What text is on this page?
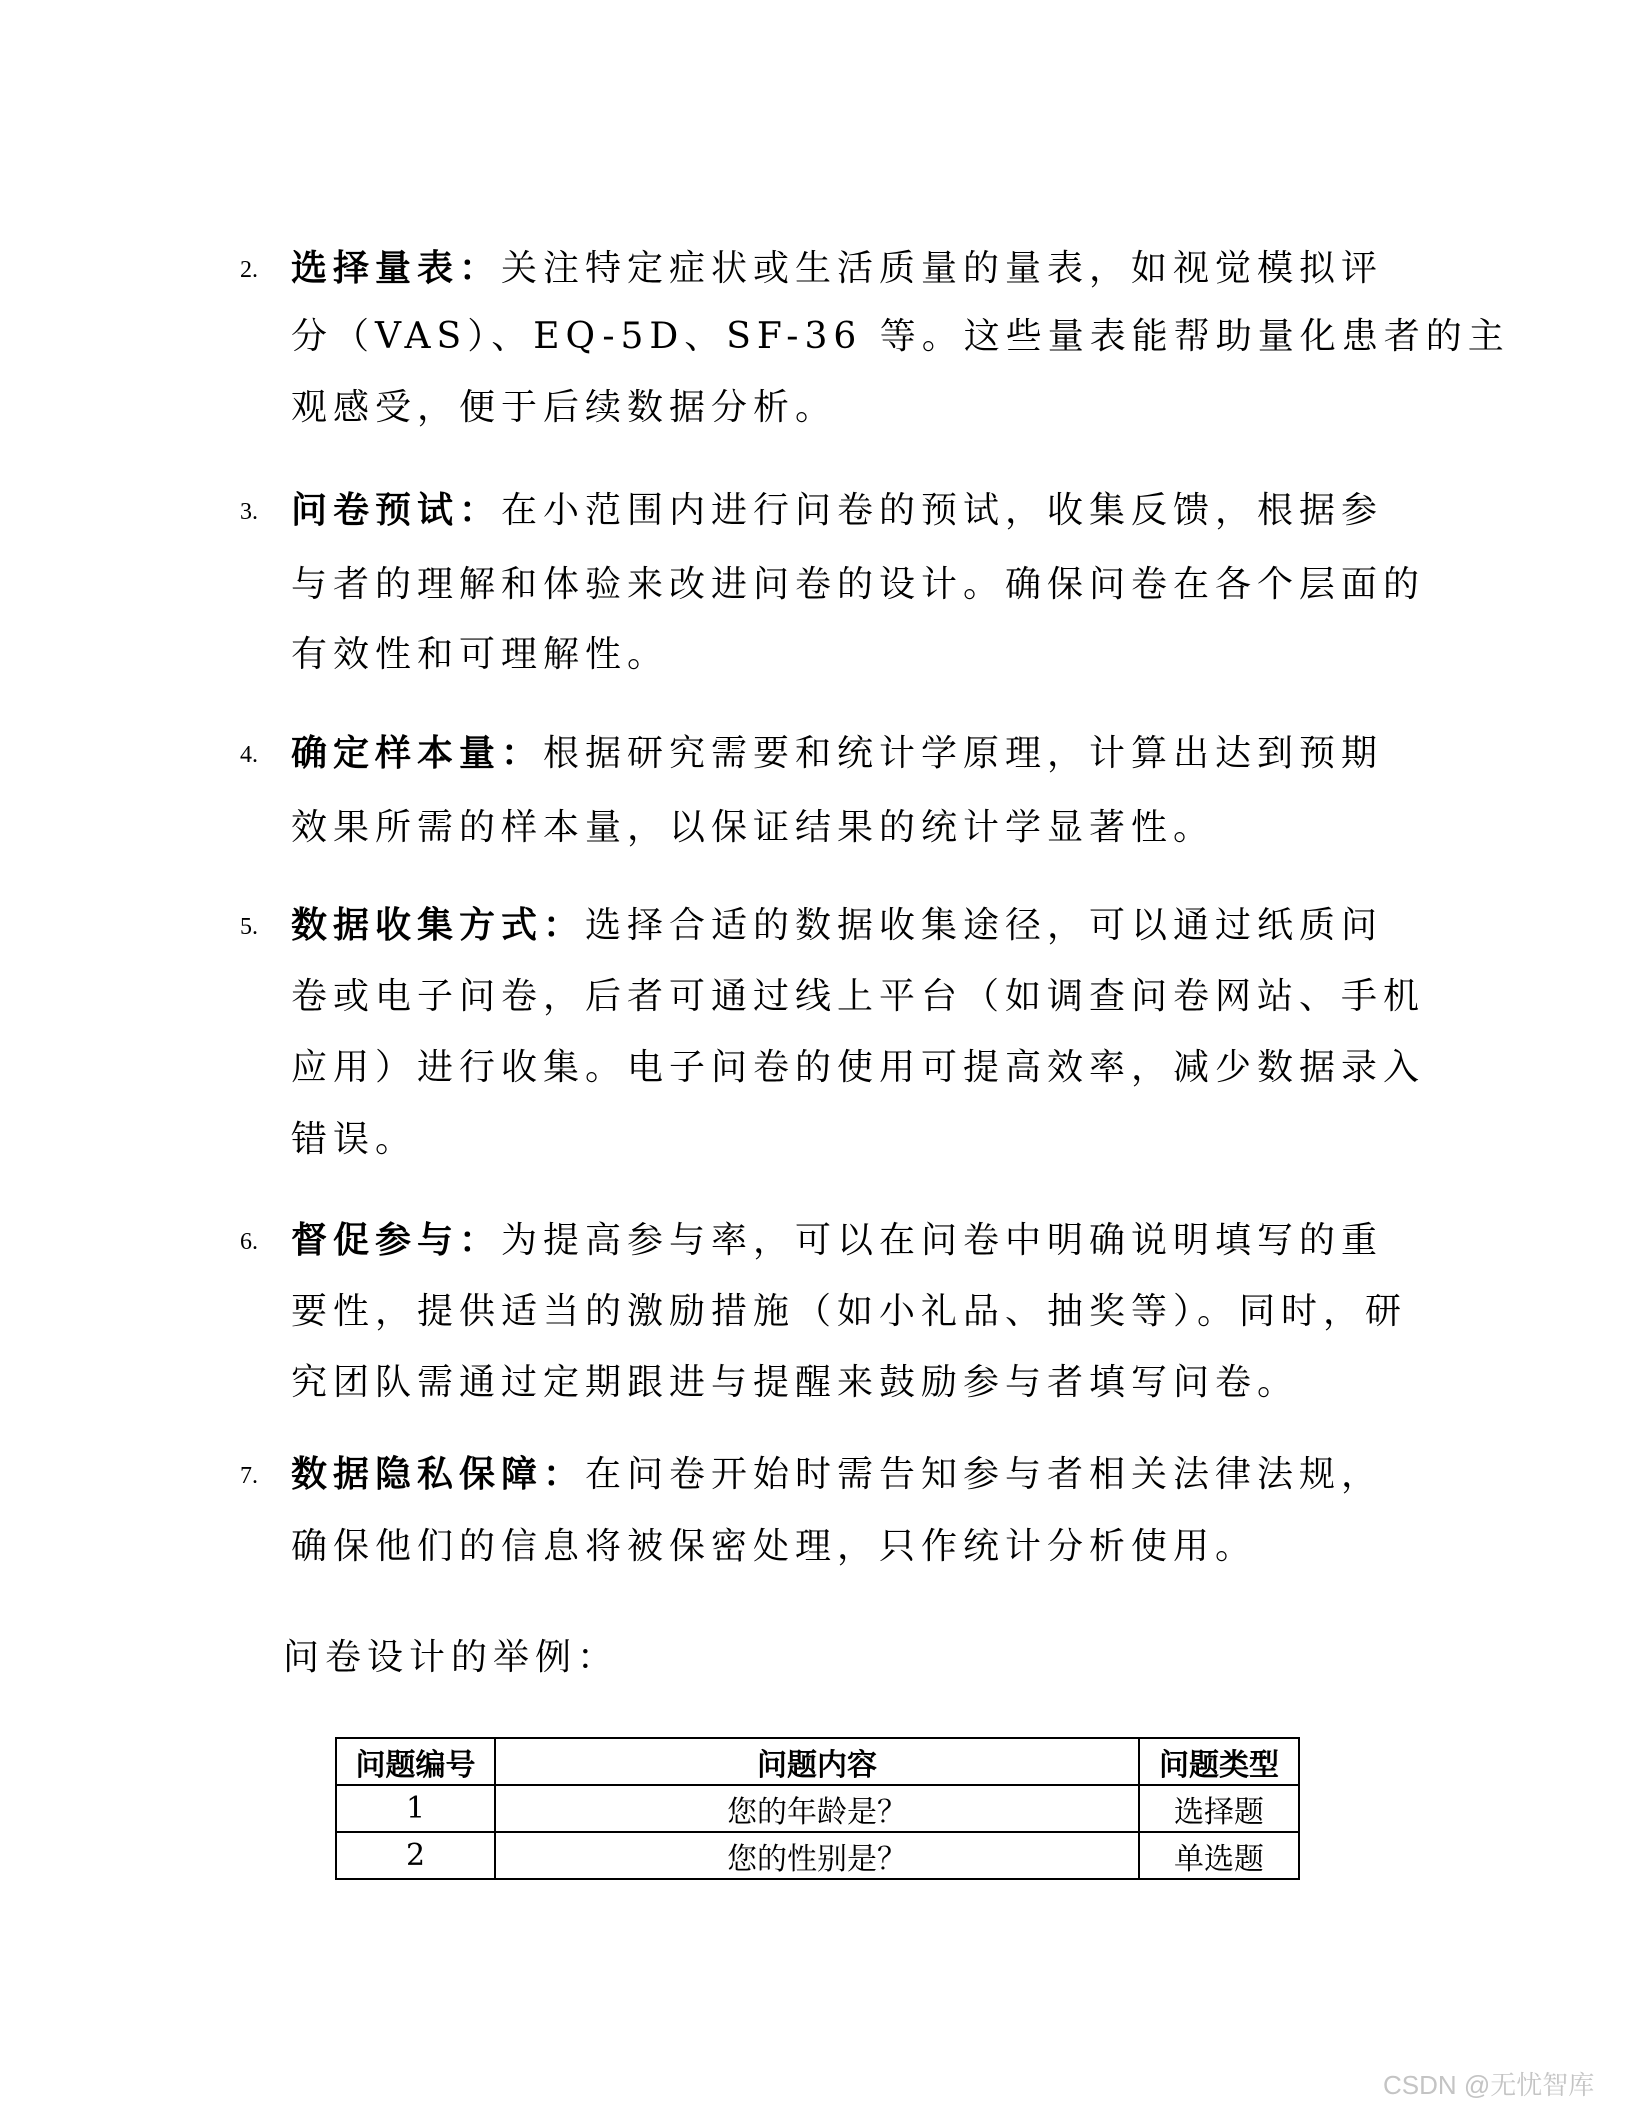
2. 选择量表：关注特定症状或生活质量的量表，如视觉模拟评
分（VAS）、EQ-5D、SF-36 等。这些量表能帮助量化患者的主
观感受，便于后续数据分析。
3. 问卷预试：在小范围内进行问卷的预试，收集反馈，根据参
与者的理解和体验来改进问卷的设计。确保问卷在各个层面的
有效性和可理解性。
4. 确定样本量：根据研究需要和统计学原理，计算出达到预期
效果所需的样本量，以保证结果的统计学显著性。
5. 数据收集方式：选择合适的数据收集途径，可以通过纸质问
卷或电子问卷，后者可通过线上平台（如调查问卷网站、手机
应用）进行收集。电子问卷的使用可提高效率，减少数据录入
错误。
6. 督促参与：为提高参与率，可以在问卷中明确说明填写的重
要性，提供适当的激励措施（如小礼品、抽奖等）。同时，研
究团队需通过定期跟进与提醒来鼓励参与者填写问卷。
7. 数据隐私保障：在问卷开始时需告知参与者相关法律法规，
确保他们的信息将被保密处理，只作统计分析使用。
问卷设计的举例：
问题编号	问题内容	问题类型
1	您的年龄是？	选择题
2	您的性别是？	单选题
CSDN @无忧智库
